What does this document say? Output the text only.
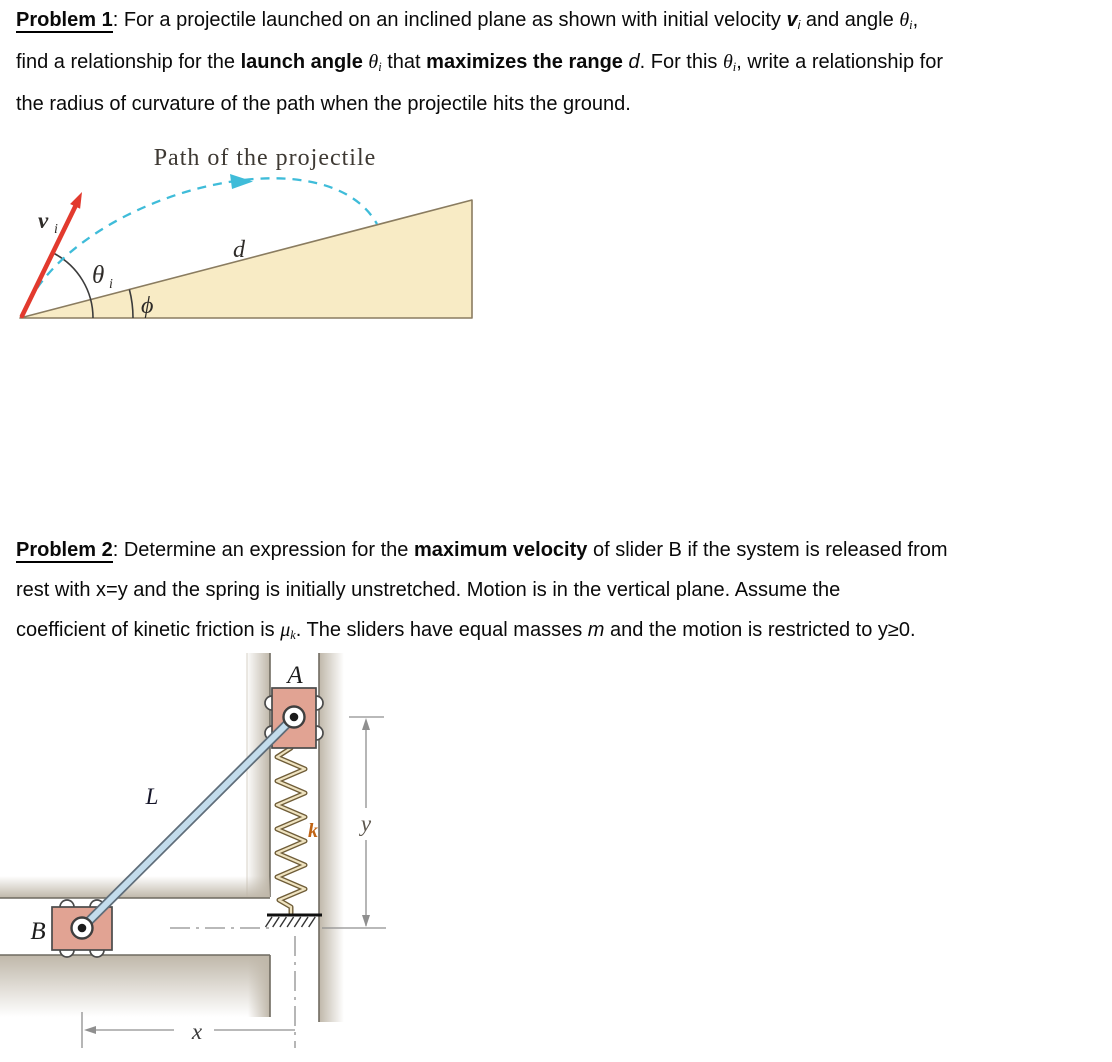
Problem 1: For a projectile launched on an inclined plane as shown with initial velocity vi and angle θi,
find a relationship for the launch angle θi that maximizes the range d. For this θi, write a relationship for
the radius of curvature of the path when the projectile hits the ground.
Path of the projectile
v i
θ i
ϕ
d
Problem 2: Determine an expression for the maximum velocity of slider B if the system is released from
rest with x=y and the spring is initially unstretched. Motion is in the vertical plane. Assume the
coefficient of kinetic friction is μk. The sliders have equal masses m and the motion is restricted to y≥0.
A
B
L
k y
x
